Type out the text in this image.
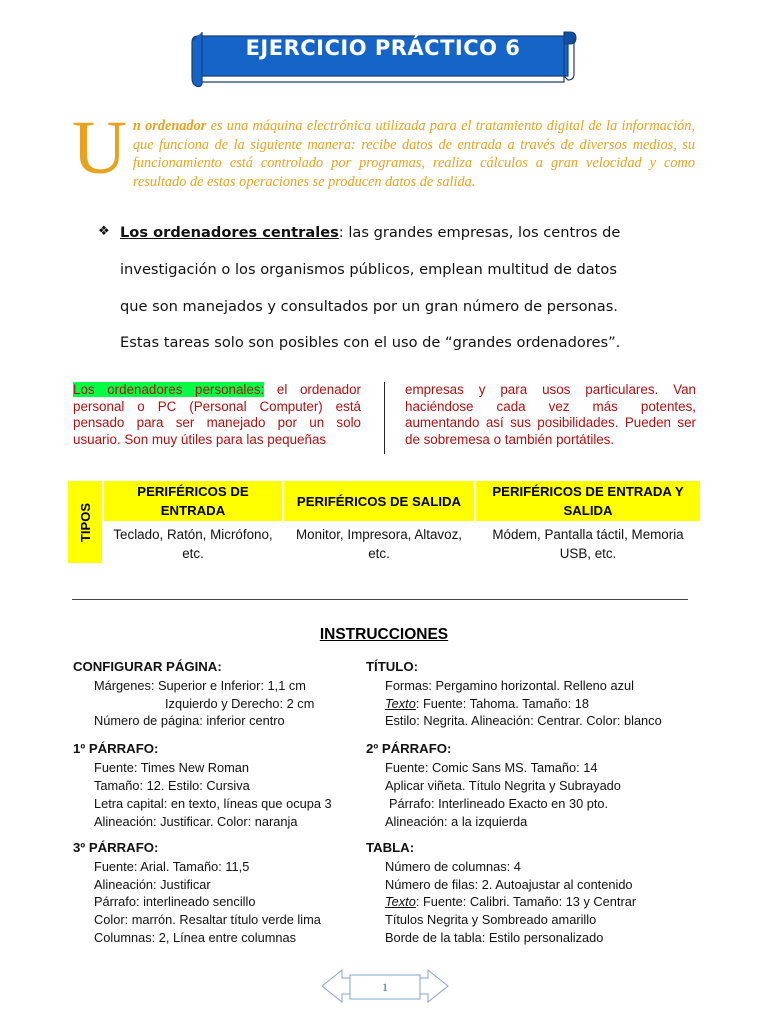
EJERCICIO PRÁCTICO 6
Un ordenador es una máquina electrónica utilizada para el tratamiento digital de la información, que funciona de la siguiente manera: recibe datos de entrada a través de diversos medios, su funcionamiento está controlado por programas, realiza cálculos a gran velocidad y como resultado de estas operaciones se producen datos de salida.
❖ Los ordenadores centrales: las grandes empresas, los centros de
investigación o los organismos públicos, emplean multitud de datos
que son manejados y consultados por un gran número de personas.
Estas tareas solo son posibles con el uso de “grandes ordenadores”.
Los ordenadores personales: el ordenador personal o PC (Personal Computer) está pensado para ser manejado por un solo usuario. Son muy útiles para las pequeñas
empresas y para usos particulares. Van haciéndose cada vez más potentes, aumentando así sus posibilidades. Pueden ser de sobremesa o también portátiles.
TIPOS
PERIFÉRICOS DE ENTRADA
PERIFÉRICOS DE SALIDA
PERIFÉRICOS DE ENTRADA Y SALIDA
Teclado, Ratón, Micrófono, etc.
Monitor, Impresora, Altavoz, etc.
Módem, Pantalla táctil, Memoria USB, etc.
INSTRUCCIONES
CONFIGURAR PÁGINA:
Márgenes: Superior e Inferior: 1,1 cm
Izquierdo y Derecho: 2 cm
Número de página: inferior centro
TÍTULO:
Formas: Pergamino horizontal. Relleno azul
Texto: Fuente: Tahoma. Tamaño: 18
Estilo: Negrita. Alineación: Centrar. Color: blanco
1º PÁRRAFO:
Fuente: Times New Roman
Tamaño: 12. Estilo: Cursiva
Letra capital: en texto, líneas que ocupa 3
Alineación: Justificar. Color: naranja
2º PÁRRAFO:
Fuente: Comic Sans MS. Tamaño: 14
Aplicar viñeta. Título Negrita y Subrayado
Párrafo: Interlineado Exacto en 30 pto.
Alineación: a la izquierda
3º PÁRRAFO:
Fuente: Arial. Tamaño: 11,5
Alineación: Justificar
Párrafo: interlineado sencillo
Color: marrón. Resaltar título verde lima
Columnas: 2, Línea entre columnas
TABLA:
Número de columnas: 4
Número de filas: 2. Autoajustar al contenido
Texto: Fuente: Calibri. Tamaño: 13 y Centrar
Títulos Negrita y Sombreado amarillo
Borde de la tabla: Estilo personalizado
1
